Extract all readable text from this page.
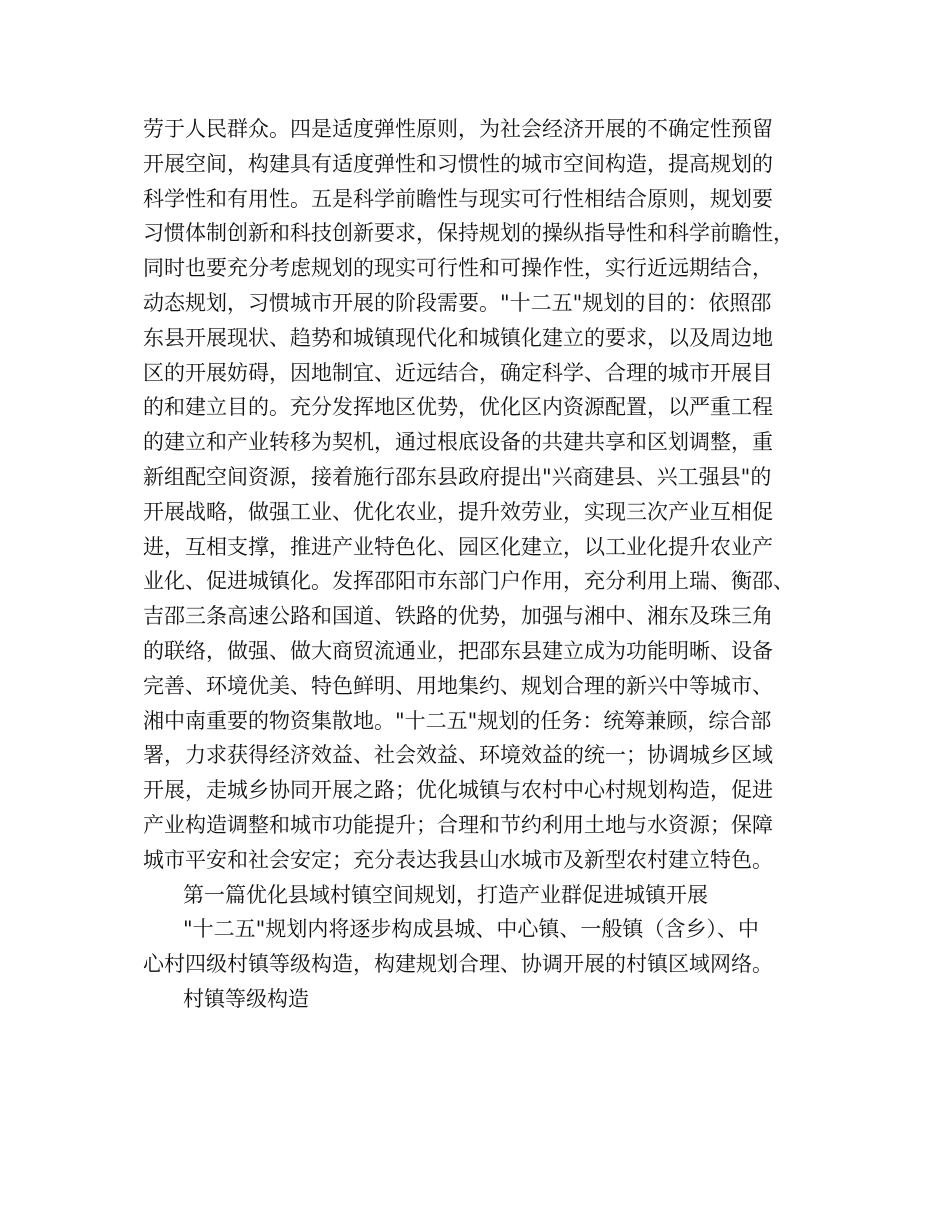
劳于人民群众。四是适度弹性原则，为社会经济开展的不确定性预留
开展空间，构建具有适度弹性和习惯性的城市空间构造，提高规划的
科学性和有用性。五是科学前瞻性与现实可行性相结合原则，规划要
习惯体制创新和科技创新要求，保持规划的操纵指导性和科学前瞻性，
同时也要充分考虑规划的现实可行性和可操作性，实行近远期结合，
动态规划，习惯城市开展的阶段需要。"十二五"规划的目的：依照邵
东县开展现状、趋势和城镇现代化和城镇化建立的要求，以及周边地
区的开展妨碍，因地制宜、近远结合，确定科学、合理的城市开展目
的和建立目的。充分发挥地区优势，优化区内资源配置，以严重工程
的建立和产业转移为契机，通过根底设备的共建共享和区划调整，重
新组配空间资源，接着施行邵东县政府提出"兴商建县、兴工强县"的
开展战略，做强工业、优化农业，提升效劳业，实现三次产业互相促
进，互相支撑，推进产业特色化、园区化建立，以工业化提升农业产
业化、促进城镇化。发挥邵阳市东部门户作用，充分利用上瑞、衡邵、
吉邵三条高速公路和国道、铁路的优势，加强与湘中、湘东及珠三角
的联络，做强、做大商贸流通业，把邵东县建立成为功能明晰、设备
完善、环境优美、特色鲜明、用地集约、规划合理的新兴中等城市、
湘中南重要的物资集散地。"十二五"规划的任务：统筹兼顾，综合部
署，力求获得经济效益、社会效益、环境效益的统一；协调城乡区域
开展，走城乡协同开展之路；优化城镇与农村中心村规划构造，促进
产业构造调整和城市功能提升；合理和节约利用土地与水资源；保障
城市平安和社会安定；充分表达我县山水城市及新型农村建立特色。
第一篇优化县域村镇空间规划，打造产业群促进城镇开展
"十二五"规划内将逐步构成县城、中心镇、一般镇（含乡）、中
心村四级村镇等级构造，构建规划合理、协调开展的村镇区域网络。
村镇等级构造
